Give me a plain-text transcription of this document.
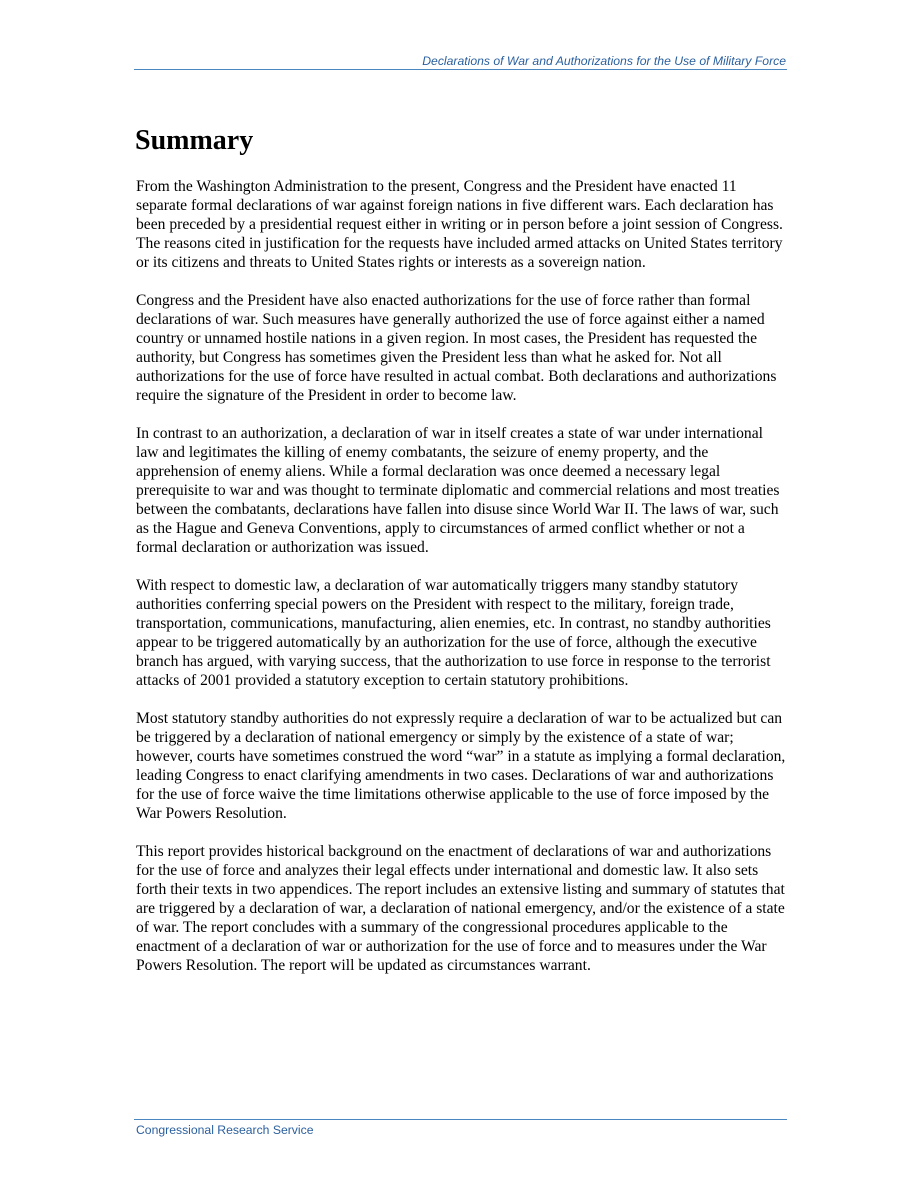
Declarations of War and Authorizations for the Use of Military Force
Summary

From the Washington Administration to the present, Congress and the President have enacted 11 separate formal declarations of war against foreign nations in five different wars. Each declaration has been preceded by a presidential request either in writing or in person before a joint session of Congress. The reasons cited in justification for the requests have included armed attacks on United States territory or its citizens and threats to United States rights or interests as a sovereign nation.

Congress and the President have also enacted authorizations for the use of force rather than formal declarations of war. Such measures have generally authorized the use of force against either a named country or unnamed hostile nations in a given region. In most cases, the President has requested the authority, but Congress has sometimes given the President less than what he asked for. Not all authorizations for the use of force have resulted in actual combat. Both declarations and authorizations require the signature of the President in order to become law.

In contrast to an authorization, a declaration of war in itself creates a state of war under international law and legitimates the killing of enemy combatants, the seizure of enemy property, and the apprehension of enemy aliens. While a formal declaration was once deemed a necessary legal prerequisite to war and was thought to terminate diplomatic and commercial relations and most treaties between the combatants, declarations have fallen into disuse since World War II. The laws of war, such as the Hague and Geneva Conventions, apply to circumstances of armed conflict whether or not a formal declaration or authorization was issued.

With respect to domestic law, a declaration of war automatically triggers many standby statutory authorities conferring special powers on the President with respect to the military, foreign trade, transportation, communications, manufacturing, alien enemies, etc. In contrast, no standby authorities appear to be triggered automatically by an authorization for the use of force, although the executive branch has argued, with varying success, that the authorization to use force in response to the terrorist attacks of 2001 provided a statutory exception to certain statutory prohibitions.

Most statutory standby authorities do not expressly require a declaration of war to be actualized but can be triggered by a declaration of national emergency or simply by the existence of a state of war; however, courts have sometimes construed the word “war” in a statute as implying a formal declaration, leading Congress to enact clarifying amendments in two cases. Declarations of war and authorizations for the use of force waive the time limitations otherwise applicable to the use of force imposed by the War Powers Resolution.

This report provides historical background on the enactment of declarations of war and authorizations for the use of force and analyzes their legal effects under international and domestic law. It also sets forth their texts in two appendices. The report includes an extensive listing and summary of statutes that are triggered by a declaration of war, a declaration of national emergency, and/or the existence of a state of war. The report concludes with a summary of the congressional procedures applicable to the enactment of a declaration of war or authorization for the use of force and to measures under the War Powers Resolution. The report will be updated as circumstances warrant.

Congressional Research Service
